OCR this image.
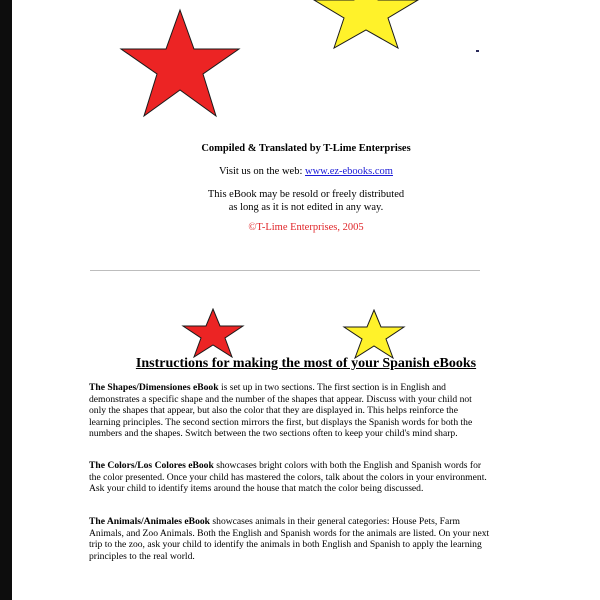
Compiled & Translated by T-Lime Enterprises
Visit us on the web: www.ez-ebooks.com
This eBook may be resold or freely distributed
as long as it is not edited in any way.
©T-Lime Enterprises, 2005
Instructions for making the most of your Spanish eBooks
The Shapes/Dimensiones eBook is set up in two sections. The first section is in English and demonstrates a specific shape and the number of the shapes that appear. Discuss with your child not only the shapes that appear, but also the color that they are displayed in. This helps reinforce the learning principles. The second section mirrors the first, but displays the Spanish words for both the numbers and the shapes. Switch between the two sections often to keep your child's mind sharp.
The Colors/Los Colores eBook showcases bright colors with both the English and Spanish words for the color presented. Once your child has mastered the colors, talk about the colors in your environment. Ask your child to identify items around the house that match the color being discussed.
The Animals/Animales eBook showcases animals in their general categories: House Pets, Farm Animals, and Zoo Animals. Both the English and Spanish words for the animals are listed. On your next trip to the zoo, ask your child to identify the animals in both English and Spanish to apply the learning principles to the real world.
